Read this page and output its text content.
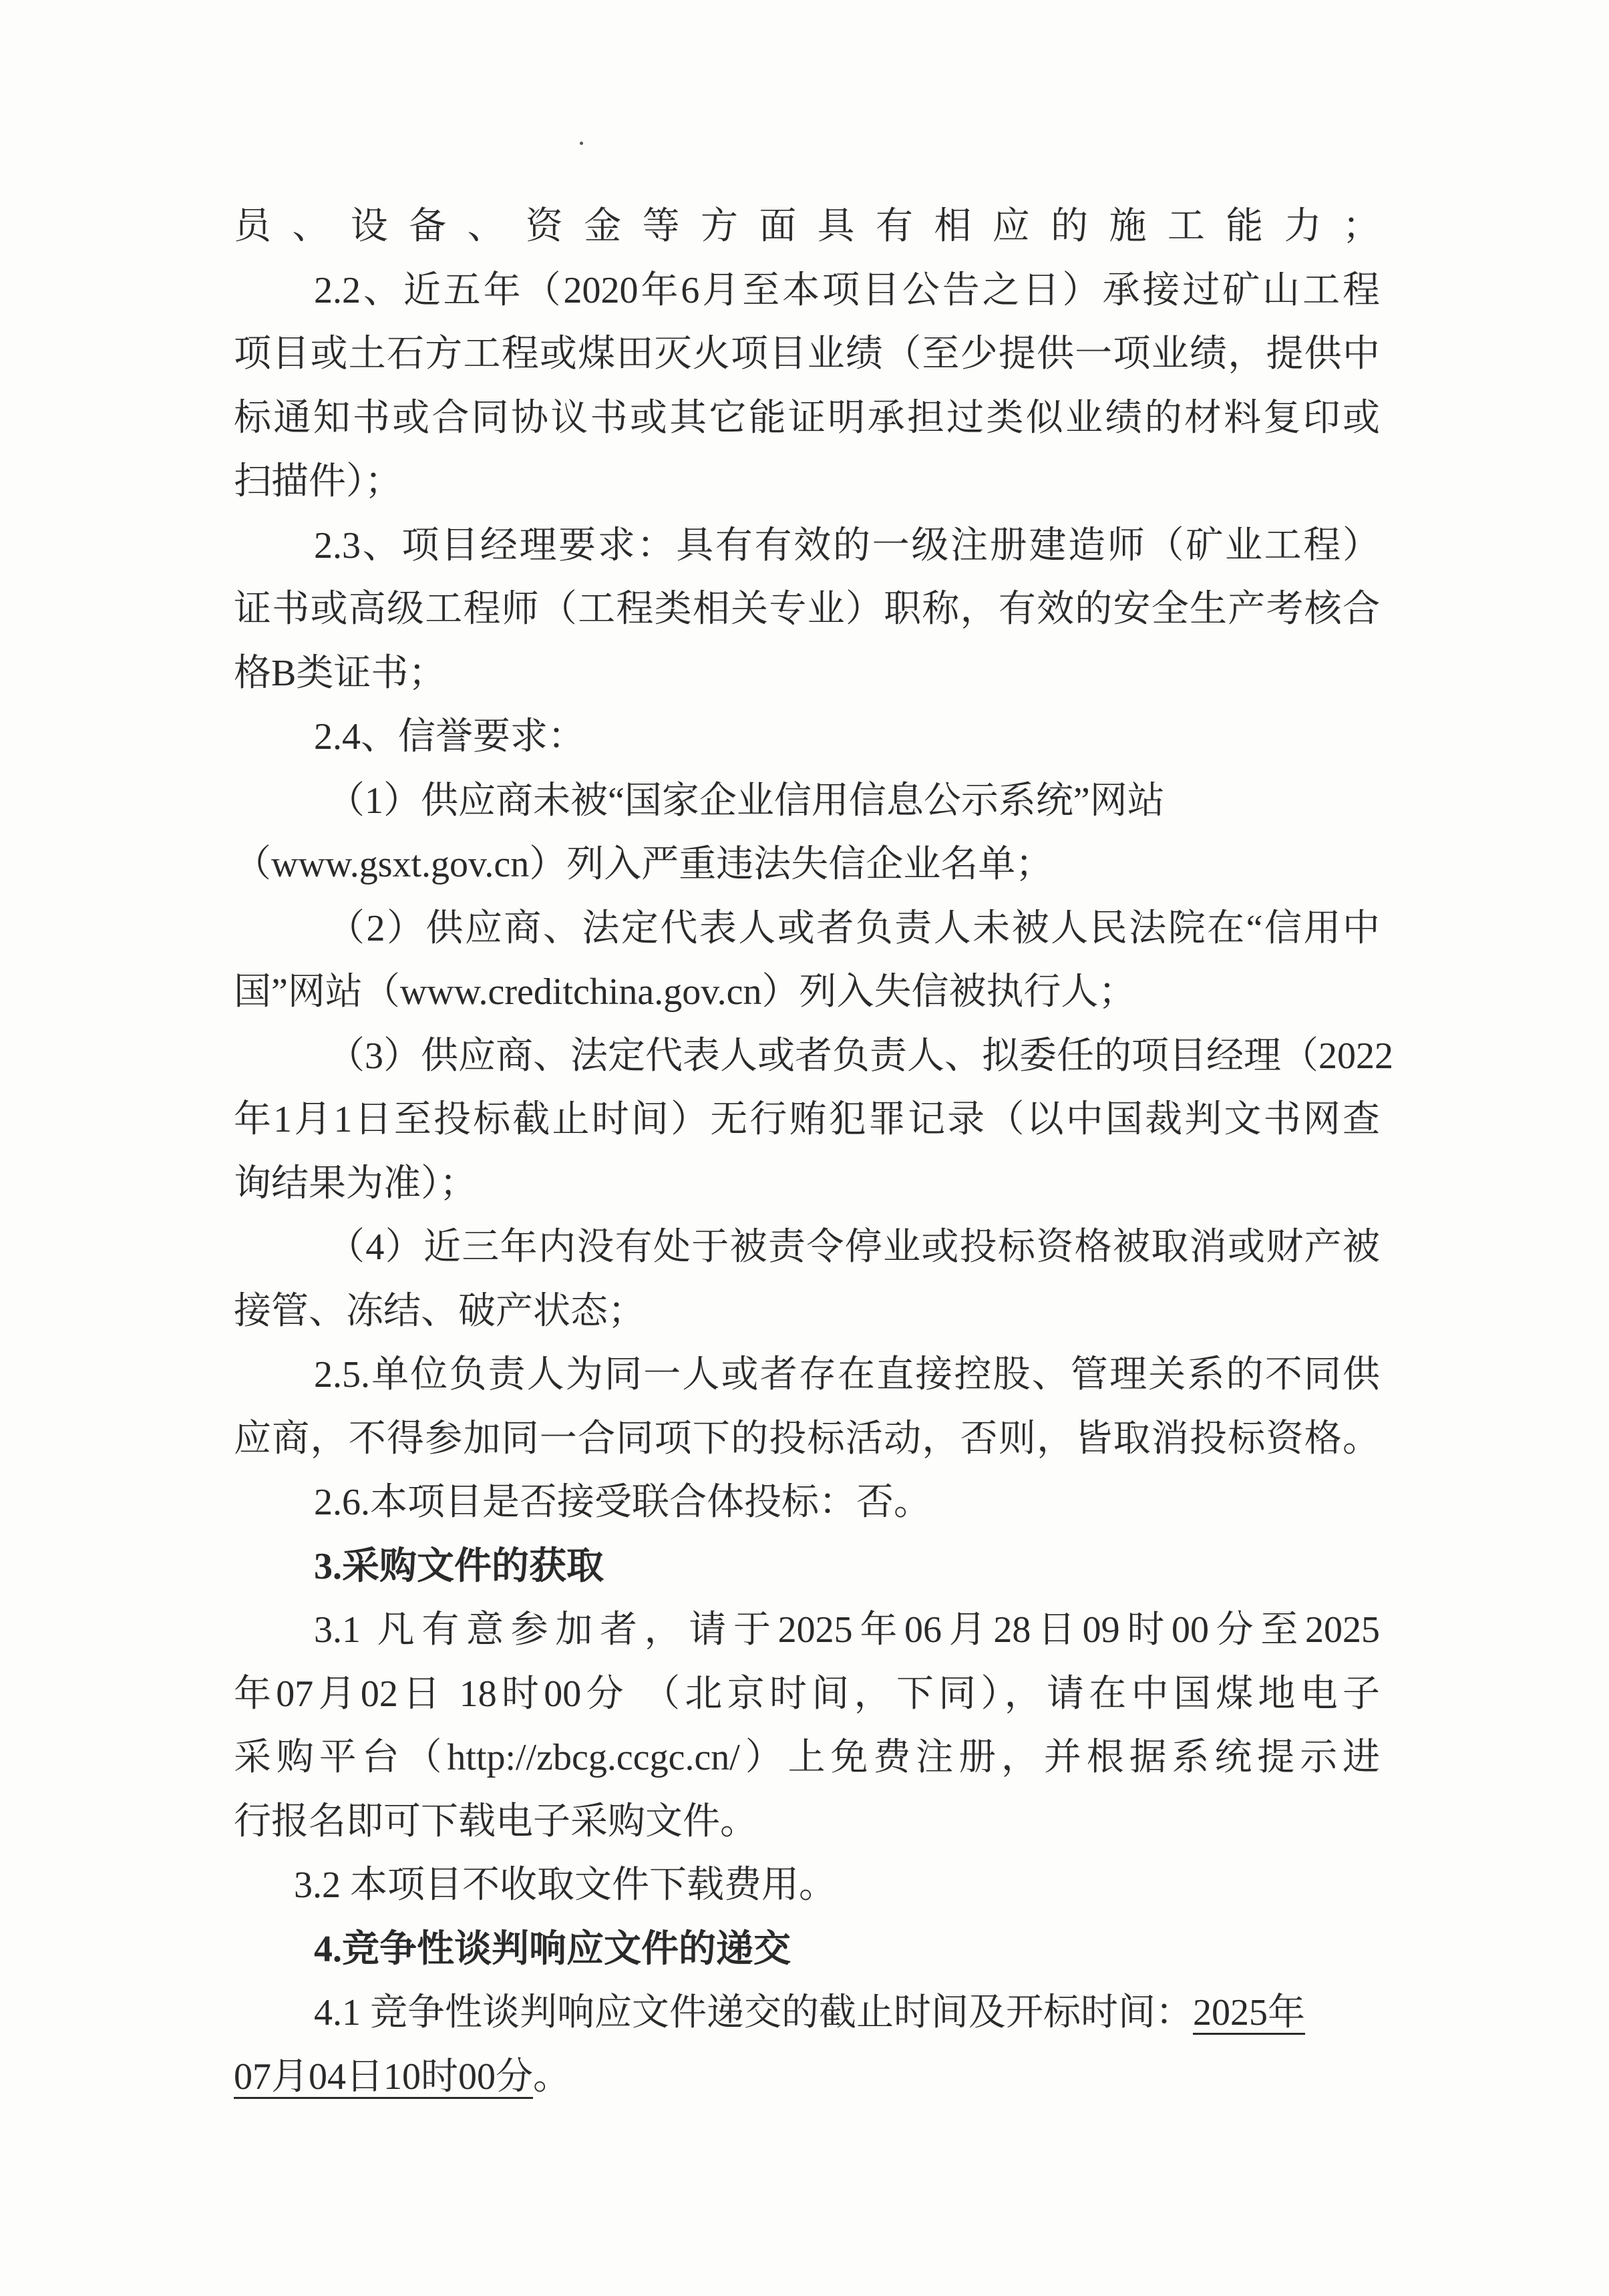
员、设备、资金等方面具有相应的施工能力；
2.2、近五年（2020年6月至本项目公告之日）承接过矿山工程
项目或土石方工程或煤田灭火项目业绩（至少提供一项业绩，提供中
标通知书或合同协议书或其它能证明承担过类似业绩的材料复印或
扫描件）；
2.3、项目经理要求：具有有效的一级注册建造师（矿业工程）
证书或高级工程师（工程类相关专业）职称，有效的安全生产考核合
格B类证书；
2.4、信誉要求：
（1）供应商未被“国家企业信用信息公示系统”网站
（www.gsxt.gov.cn）列入严重违法失信企业名单；
（2）供应商、法定代表人或者负责人未被人民法院在“信用中
国”网站（www.creditchina.gov.cn）列入失信被执行人；
（3）供应商、法定代表人或者负责人、拟委任的项目经理（2022
年1月1日至投标截止时间）无行贿犯罪记录（以中国裁判文书网查
询结果为准）；
（4）近三年内没有处于被责令停业或投标资格被取消或财产被
接管、冻结、破产状态；
2.5.单位负责人为同一人或者存在直接控股、管理关系的不同供
应商，不得参加同一合同项下的投标活动，否则，皆取消投标资格。
2.6.本项目是否接受联合体投标：否。
3.采购文件的获取
3.1 凡有意参加者，请于2025年06月28日09时00分至2025
年07月02日 18时00分 （北京时间，下同），请在中国煤地电子
采购平台（http://zbcg.ccgc.cn/）上免费注册，并根据系统提示进
行报名即可下载电子采购文件。
3.2 本项目不收取文件下载费用。
4.竞争性谈判响应文件的递交
4.1 竞争性谈判响应文件递交的截止时间及开标时间：2025年
07月04日10时00分。
